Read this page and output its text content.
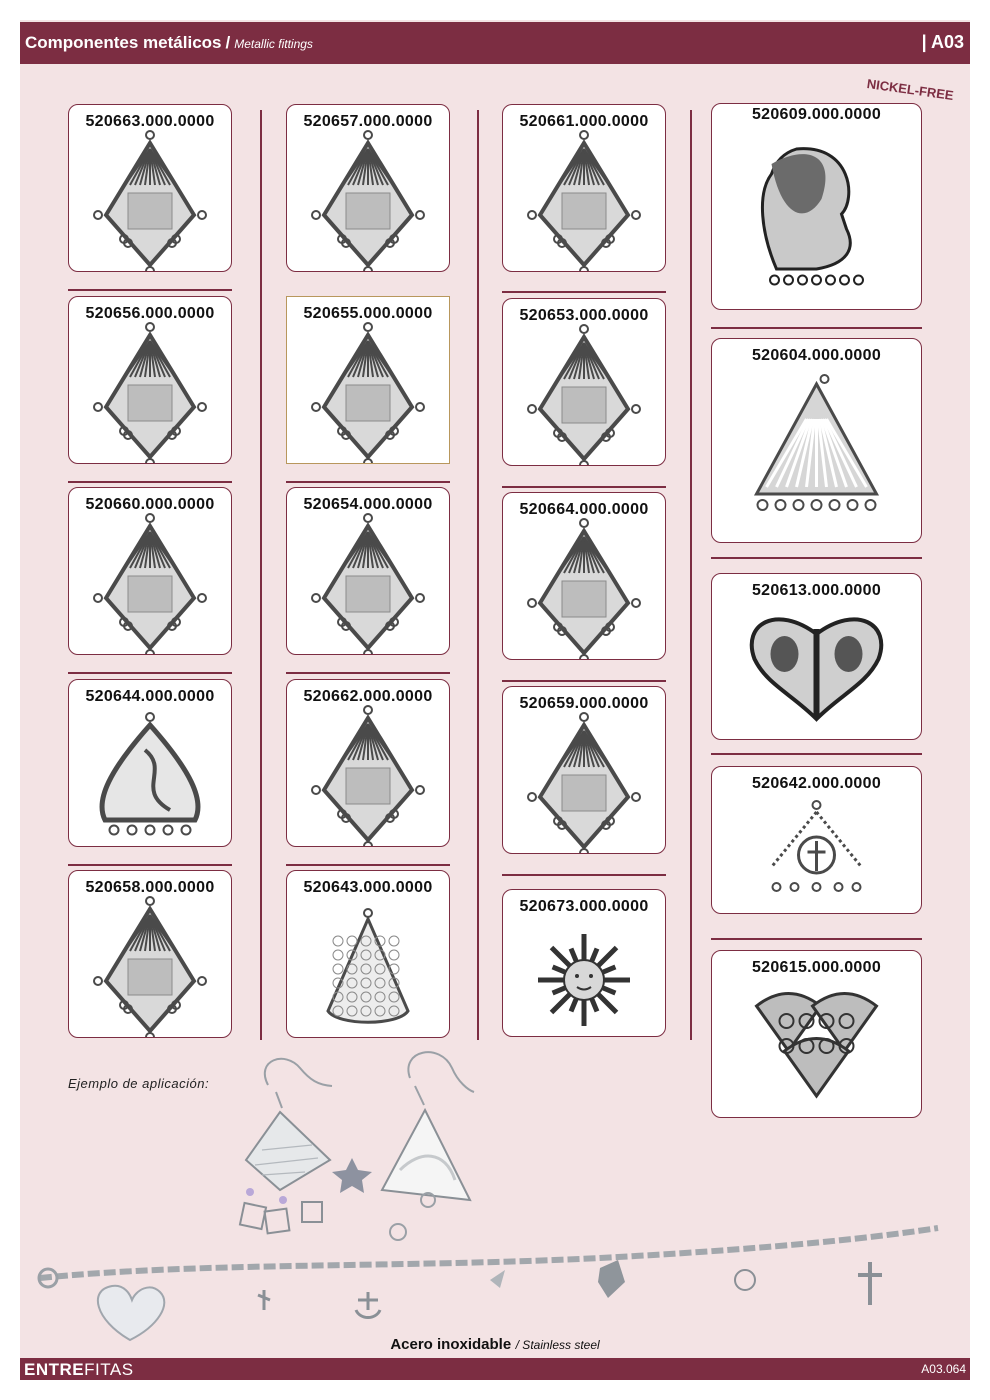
Componentes metálicos / Metallic fittings	| A03
NICKEL-FREE
520663.000.0000
520656.000.0000
520660.000.0000
520644.000.0000
520658.000.0000
520657.000.0000
520655.000.0000
520654.000.0000
520662.000.0000
520643.000.0000
520661.000.0000
520653.000.0000
520664.000.0000
520659.000.0000
520673.000.0000
520609.000.0000
520604.000.0000
520613.000.0000
520642.000.0000
520615.000.0000
Ejemplo de aplicación:
Acero inoxidable / Stainless steel
ENTREFITAS	A03.064
